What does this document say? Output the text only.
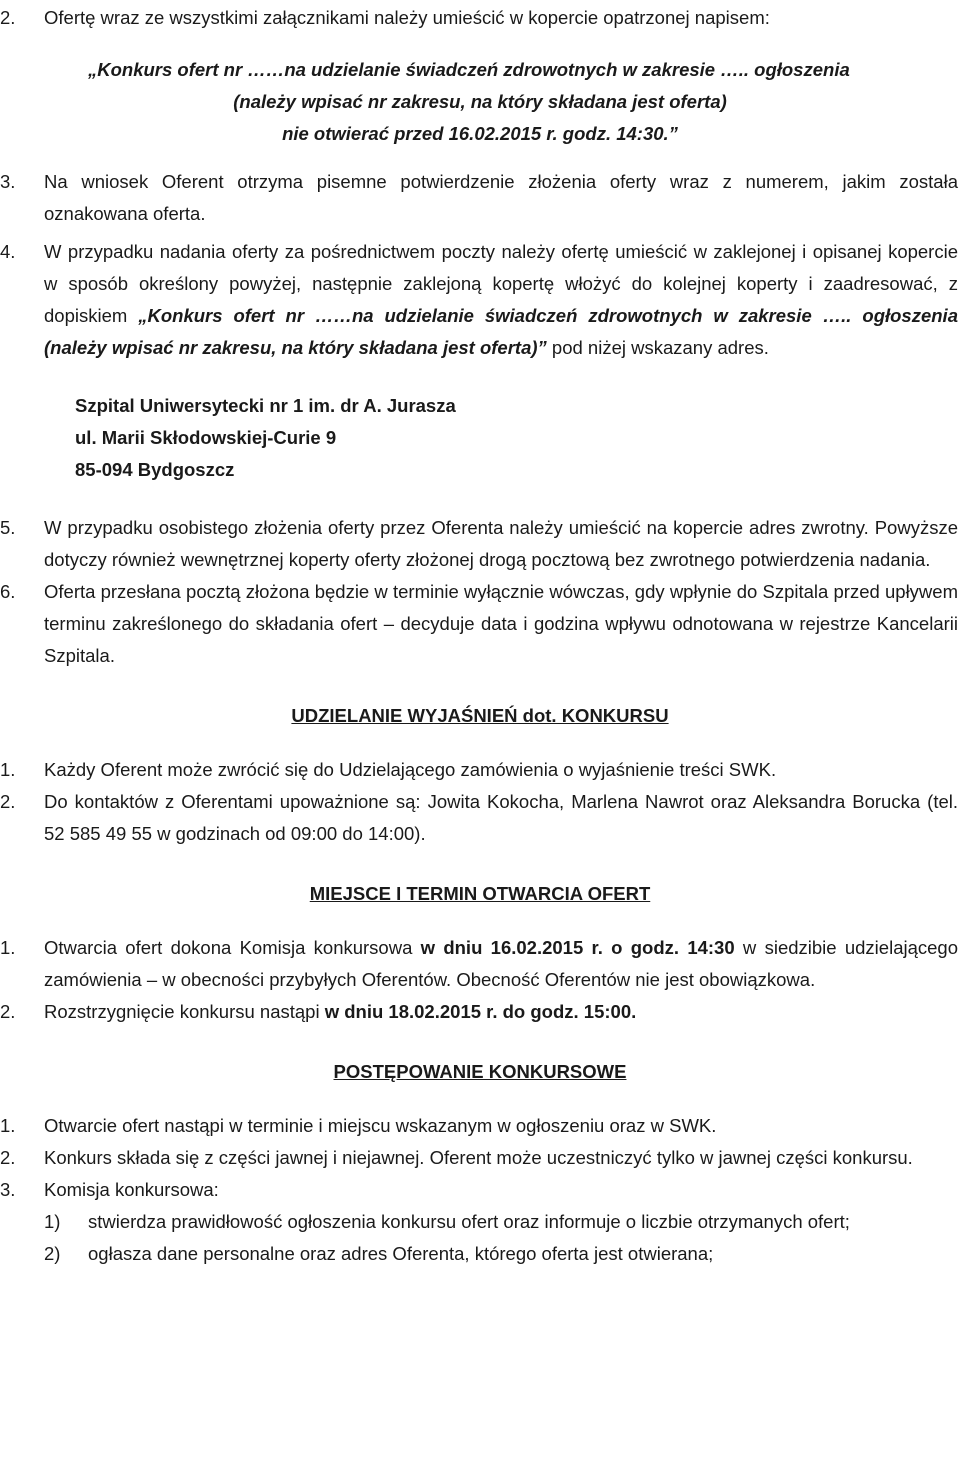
2. Ofertę wraz ze wszystkimi załącznikami należy umieścić w kopercie opatrzonej napisem:
„Konkurs ofert nr ……na udzielanie świadczeń zdrowotnych w zakresie ….. ogłoszenia
(należy wpisać nr zakresu, na który składana jest oferta)
nie otwierać przed 16.02.2015 r. godz. 14:30.”
3. Na wniosek Oferent otrzyma pisemne potwierdzenie złożenia oferty wraz z numerem, jakim została oznakowana oferta.
4. W przypadku nadania oferty za pośrednictwem poczty należy ofertę umieścić w zaklejonej i opisanej kopercie w sposób określony powyżej, następnie zaklejoną kopertę włożyć do kolejnej koperty i zaadresować, z dopiskiem „Konkurs ofert nr ……na udzielanie świadczeń zdrowotnych w zakresie ….. ogłoszenia (należy wpisać nr zakresu, na który składana jest oferta)” pod niżej wskazany adres.
Szpital Uniwersytecki nr 1 im. dr A. Jurasza
ul. Marii Skłodowskiej-Curie 9
85-094 Bydgoszcz
5. W przypadku osobistego złożenia oferty przez Oferenta należy umieścić na kopercie adres zwrotny. Powyższe dotyczy również wewnętrznej koperty oferty złożonej drogą pocztową bez zwrotnego potwierdzenia nadania.
6. Oferta przesłana pocztą złożona będzie w terminie wyłącznie wówczas, gdy wpłynie do Szpitala przed upływem terminu zakreślonego do składania ofert – decyduje data i godzina wpływu odnotowana w rejestrze Kancelarii Szpitala.
UDZIELANIE WYJAŚNIEŃ dot. KONKURSU
1. Każdy Oferent może zwrócić się do Udzielającego zamówienia o wyjaśnienie treści SWK.
2. Do kontaktów z Oferentami upoważnione są: Jowita Kokocha, Marlena Nawrot oraz Aleksandra Borucka (tel. 52 585 49 55 w godzinach od 09:00 do 14:00).
MIEJSCE I TERMIN OTWARCIA OFERT
1. Otwarcia ofert dokona Komisja konkursowa w dniu 16.02.2015 r. o godz. 14:30 w siedzibie udzielającego zamówienia – w obecności przybyłych Oferentów. Obecność Oferentów nie jest obowiązkowa.
2. Rozstrzygnięcie konkursu nastąpi w dniu 18.02.2015 r. do godz. 15:00.
POSTĘPOWANIE KONKURSOWE
1. Otwarcie ofert nastąpi w terminie i miejscu wskazanym w ogłoszeniu oraz w SWK.
2. Konkurs składa się z części jawnej i niejawnej. Oferent może uczestniczyć tylko w jawnej części konkursu.
3. Komisja konkursowa:
1) stwierdza prawidłowość ogłoszenia konkursu ofert oraz informuje o liczbie otrzymanych ofert;
2) ogłasza dane personalne oraz adres Oferenta, którego oferta jest otwierana;
